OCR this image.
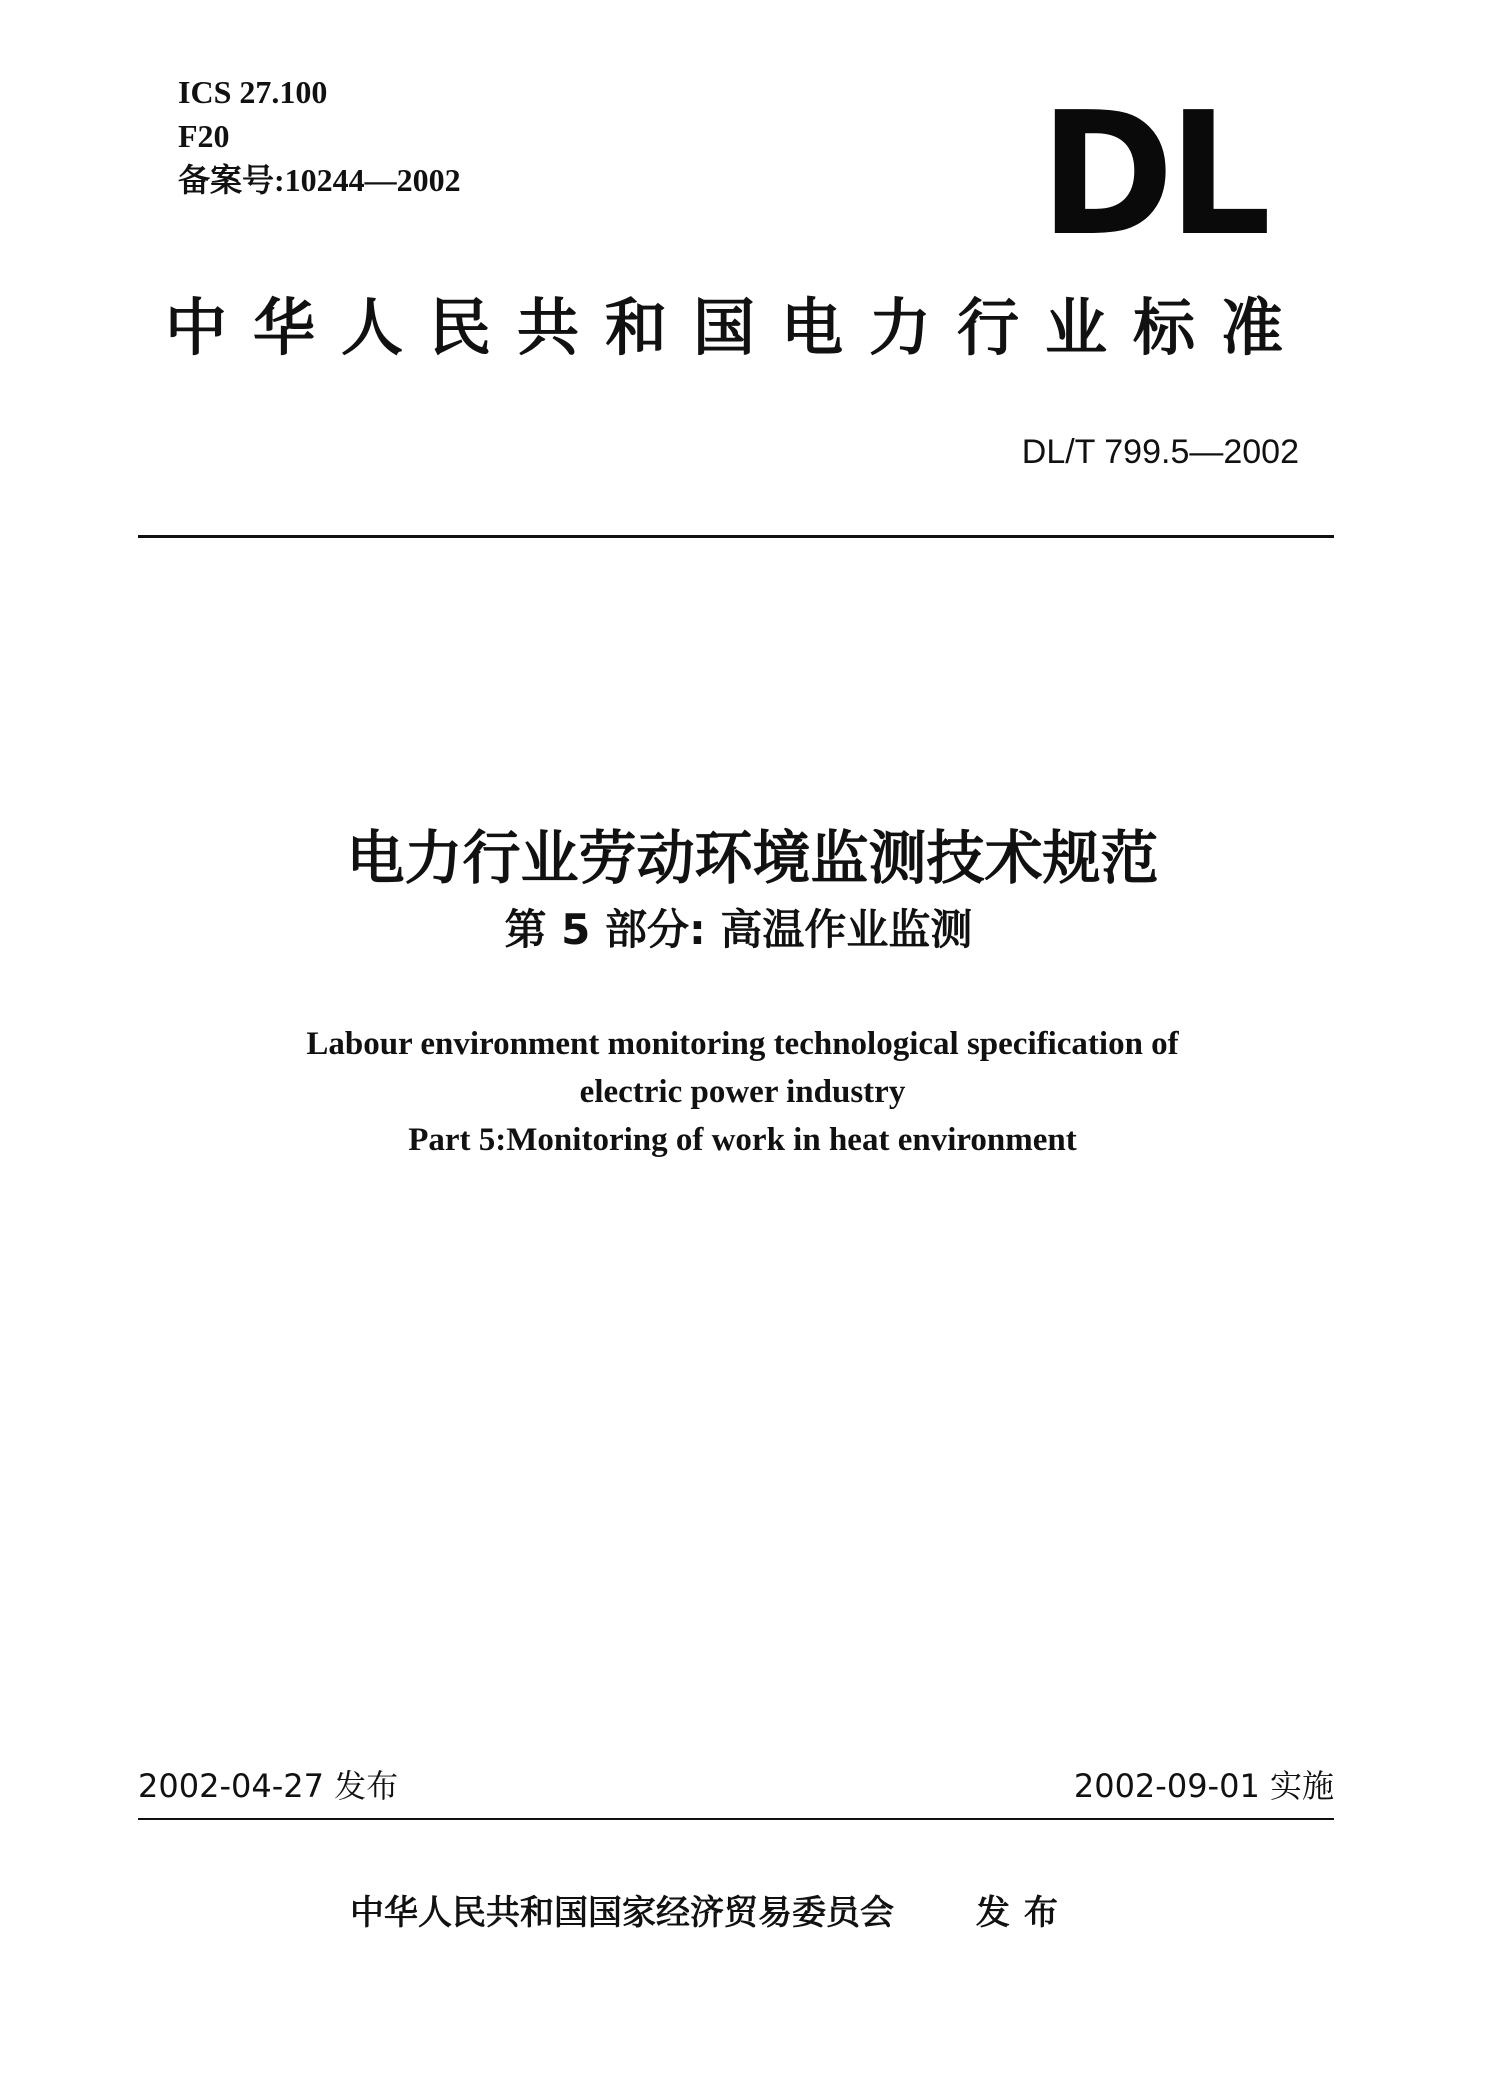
ICS 27.100
F20
备案号:10244—2002	DL
中华人民共和国电力行业标准
DL/T 799.5—2002
电力行业劳动环境监测技术规范
第 5 部分: 高温作业监测
Labour environment monitoring technological specification of
electric power industry
Part 5:Monitoring of work in heat environment
2002-04-27 发布	2002-09-01 实施
中华人民共和国国家经济贸易委员会 发布
